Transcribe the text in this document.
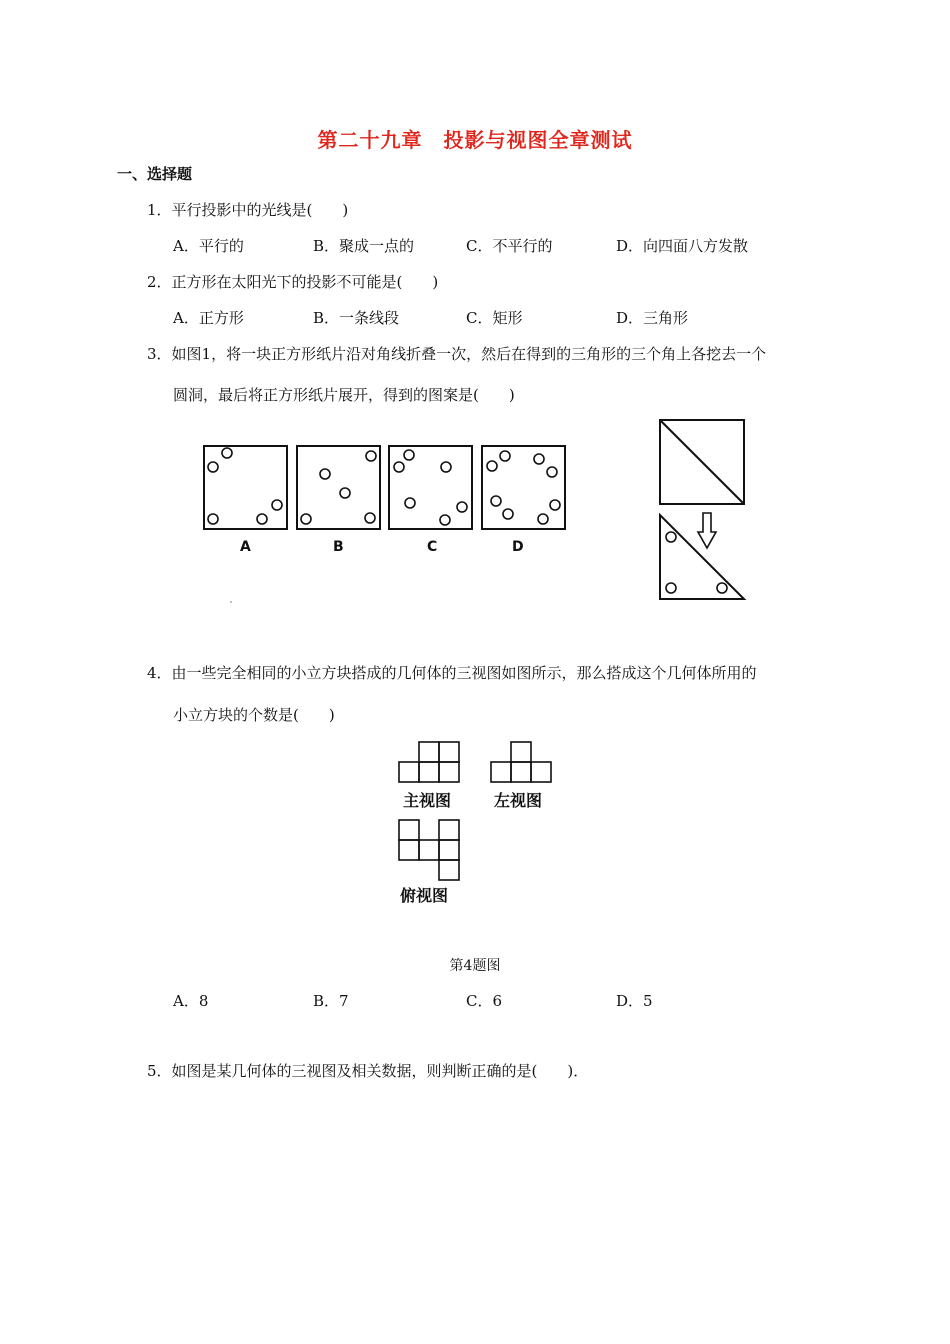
第二十九章　投影与视图全章测试
一、选择题
1．平行投影中的光线是(　　)
A．平行的	B．聚成一点的	C．不平行的	D．向四面八方发散
2．正方形在太阳光下的投影不可能是(　　)
A．正方形	B．一条线段	C．矩形	D．三角形
3．如图1，将一块正方形纸片沿对角线折叠一次，然后在得到的三角形的三个角上各挖去一个
圆洞，最后将正方形纸片展开，得到的图案是(　　)
A	B	C	D
4．由一些完全相同的小立方块搭成的几何体的三视图如图所示，那么搭成这个几何体所用的
小立方块的个数是(　　)
主视图	左视图
俯视图
第4题图
A．8	B．7	C．6	D．5
5．如图是某几何体的三视图及相关数据，则判断正确的是(　　)．
